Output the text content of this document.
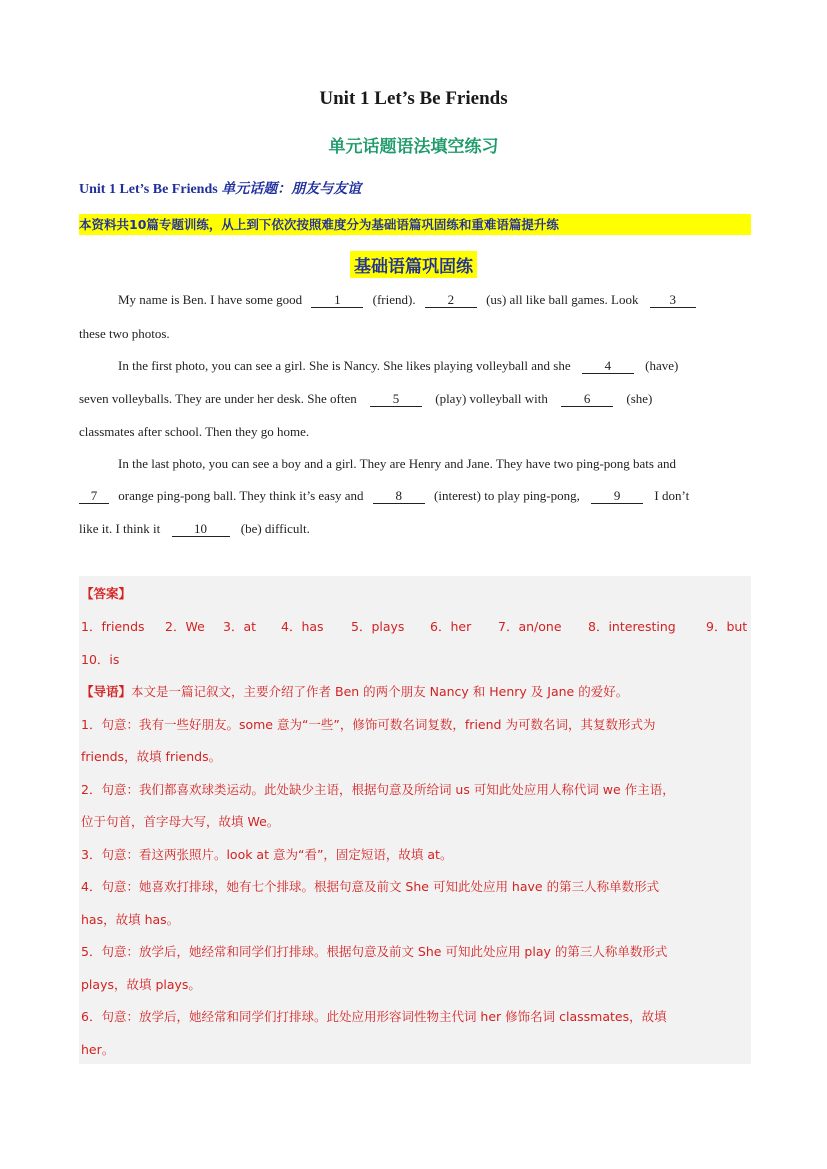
Unit 1 Let’s Be Friends
单元话题语法填空练习
Unit 1 Let’s Be Friends 单元话题：朋友与友谊
本资料共10篇专题训练，从上到下依次按照难度分为基础语篇巩固练和重难语篇提升练
基础语篇巩固练
My name is Ben. I have some good 1 (friend). 2 (us) all like ball games. Look 3
these two photos.
In the first photo, you can see a girl. She is Nancy. She likes playing volleyball and she	4	(have)
seven volleyballs. They are under her desk. She often	5	(play) volleyball with	6	(she)
classmates after school. Then they go home.
In the last photo, you can see a boy and a girl. They are Henry and Jane. They have two ping-pong bats and
7 orange ping-pong ball. They think it’s easy and 8 (interest) to play ping-pong,	9	I don’t
like it. I think it	10	(be) difficult.
【答案】
1．friends 2．We 3．at 4．has 5．plays 6．her 7．an/one 8．interesting 9．but
10．is
【导语】本文是一篇记叙文，主要介绍了作者 Ben 的两个朋友 Nancy 和 Henry 及 Jane 的爱好。
1．句意：我有一些好朋友。some 意为“一些”，修饰可数名词复数，friend 为可数名词，其复数形式为
friends，故填 friends。
2．句意：我们都喜欢球类运动。此处缺少主语，根据句意及所给词 us 可知此处应用人称代词 we 作主语，
位于句首，首字母大写，故填 We。
3．句意：看这两张照片。look at 意为“看”，固定短语，故填 at。
4．句意：她喜欢打排球，她有七个排球。根据句意及前文 She 可知此处应用 have 的第三人称单数形式
has，故填 has。
5．句意：放学后，她经常和同学们打排球。根据句意及前文 She 可知此处应用 play 的第三人称单数形式
plays，故填 plays。
6．句意：放学后，她经常和同学们打排球。此处应用形容词性物主代词 her 修饰名词 classmates，故填
her。
